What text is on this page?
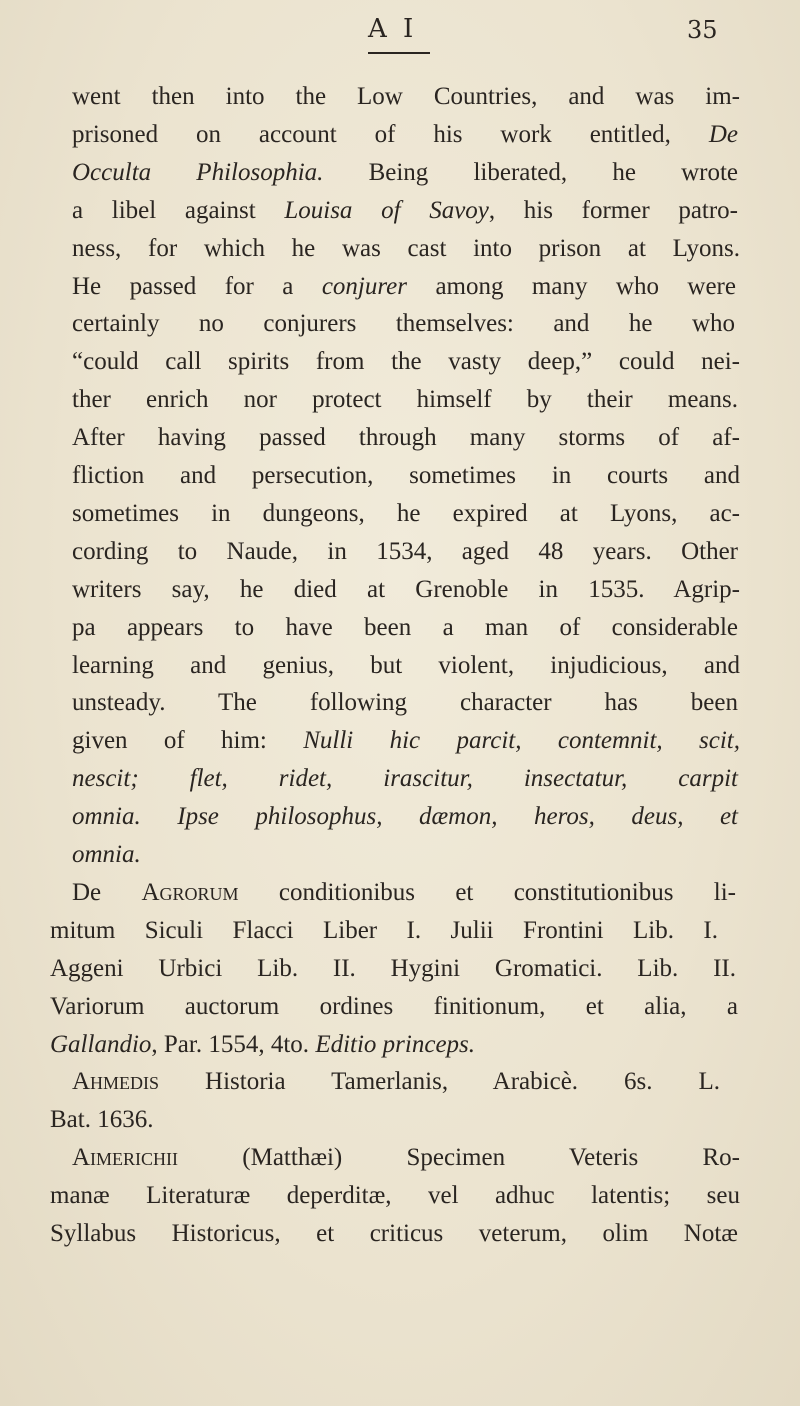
A I	35
went then into the Low Countries, and was im-
prisoned on account of his work entitled, De
Occulta Philosophia. Being liberated, he wrote
a libel against Louisa of Savoy, his former patro-
ness, for which he was cast into prison at Lyons.
He passed for a conjurer among many who were
certainly no conjurers themselves: and he who
“could call spirits from the vasty deep,” could nei-
ther enrich nor protect himself by their means.
After having passed through many storms of af-
fliction and persecution, sometimes in courts and
sometimes in dungeons, he expired at Lyons, ac-
cording to Naude, in 1534, aged 48 years. Other
writers say, he died at Grenoble in 1535. Agrip-
pa appears to have been a man of considerable
learning and genius, but violent, injudicious, and
unsteady. The following character has been
given of him: Nulli hic parcit, contemnit, scit,
nescit; flet, ridet, irascitur, insectatur, carpit
omnia. Ipse philosophus, dæmon, heros, deus, et
omnia.
De Agrorum conditionibus et constitutionibus li-
mitum Siculi Flacci Liber I. Julii Frontini Lib. I.
Aggeni Urbici Lib. II. Hygini Gromatici. Lib. II.
Variorum auctorum ordines finitionum, et alia, a
Gallandio, Par. 1554, 4to. Editio princeps.
Ahmedis Historia Tamerlanis, Arabicè. 6s. L.
Bat. 1636.
Aimerichii (Matthæi) Specimen Veteris Ro-
manæ Literaturæ deperditæ, vel adhuc latentis; seu
Syllabus Historicus, et criticus veterum, olim Notæ
